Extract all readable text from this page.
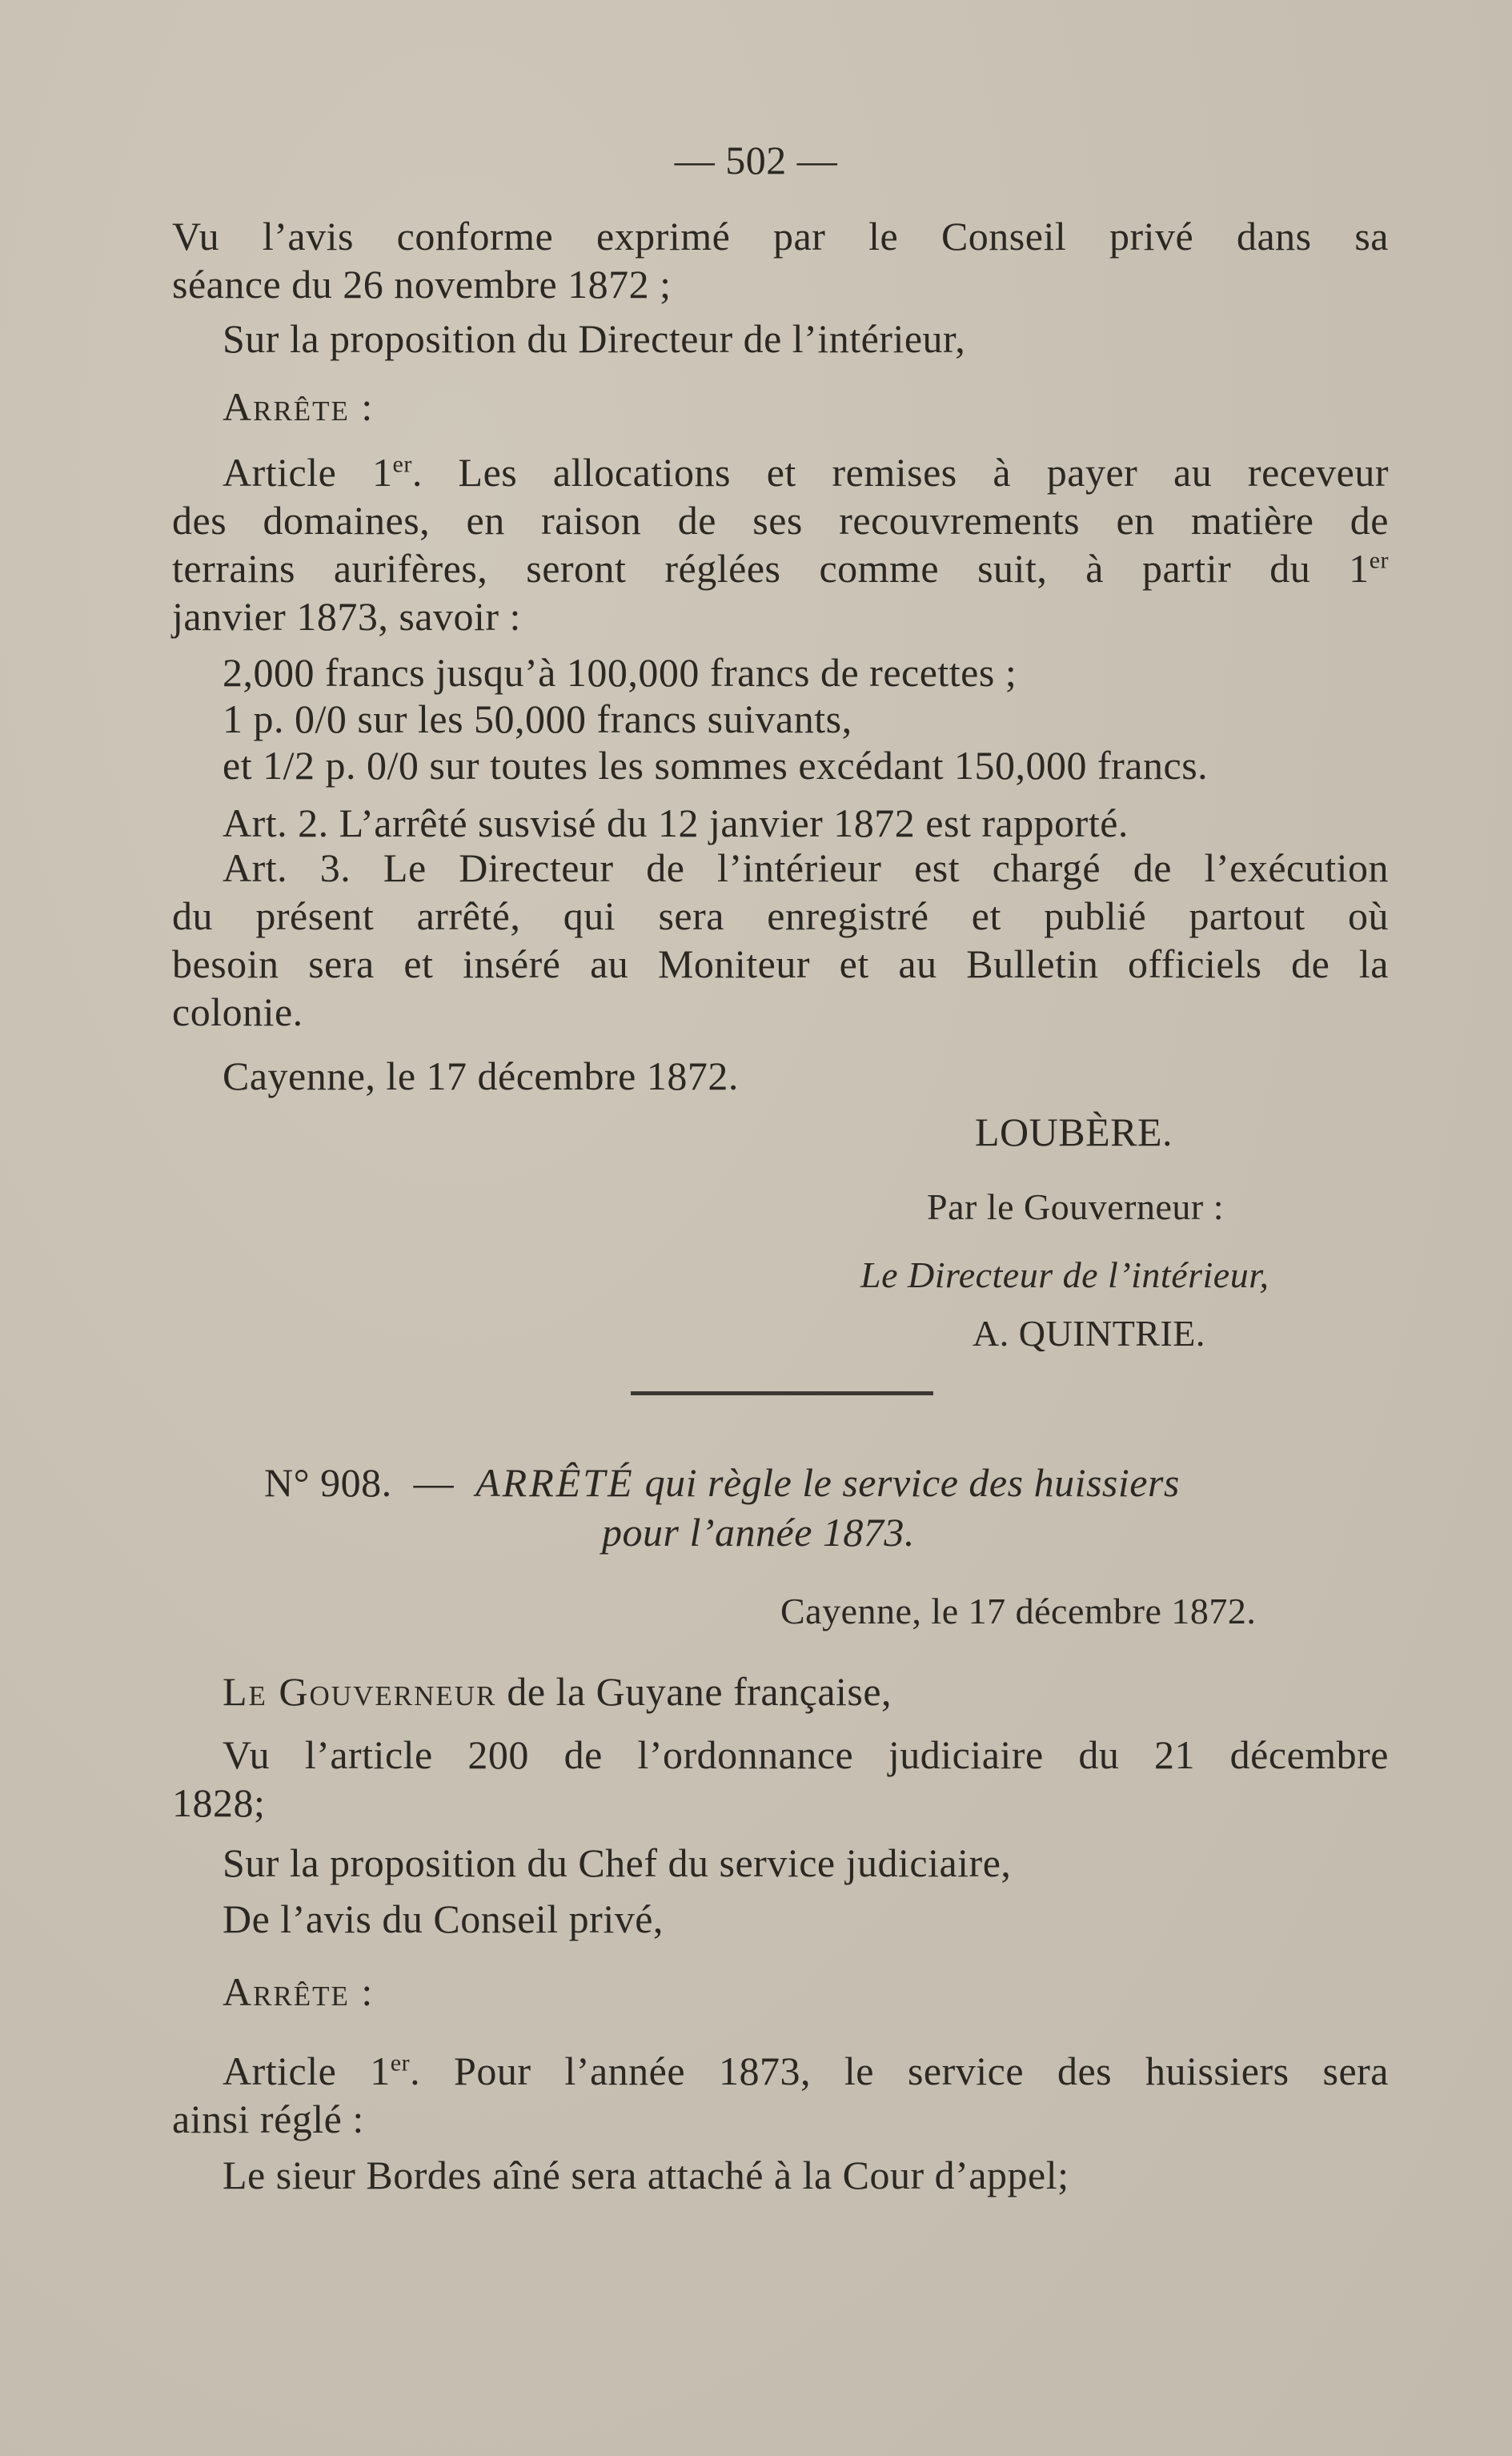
— 502 —
Vu l’avis conforme exprimé par le Conseil privé dans sa
séance du 26 novembre 1872 ;
Sur la proposition du Directeur de l’intérieur,
Arrête :
Article 1er. Les allocations et remises à payer au receveur
des domaines, en raison de ses recouvrements en matière de
terrains aurifères, seront réglées comme suit, à partir du 1er
janvier 1873, savoir :
2,000 francs jusqu’à 100,000 francs de recettes ;
1 p. 0/0 sur les 50,000 francs suivants,
et 1/2 p. 0/0 sur toutes les sommes excédant 150,000 francs.
Art. 2. L’arrêté susvisé du 12 janvier 1872 est rapporté.
Art. 3. Le Directeur de l’intérieur est chargé de l’exécution
du présent arrêté, qui sera enregistré et publié partout où
besoin sera et inséré au Moniteur et au Bulletin officiels de la
colonie.
Cayenne, le 17 décembre 1872.
LOUBÈRE.
Par le Gouverneur :
Le Directeur de l’intérieur,
A. QUINTRIE.
N° 908. — ARRÊTÉ qui règle le service des huissiers
pour l’année 1873.
Cayenne, le 17 décembre 1872.
Le Gouverneur de la Guyane française,
Vu l’article 200 de l’ordonnance judiciaire du 21 décembre
1828;
Sur la proposition du Chef du service judiciaire,
De l’avis du Conseil privé,
Arrête :
Article 1er. Pour l’année 1873, le service des huissiers sera
ainsi réglé :
Le sieur Bordes aîné sera attaché à la Cour d’appel;
